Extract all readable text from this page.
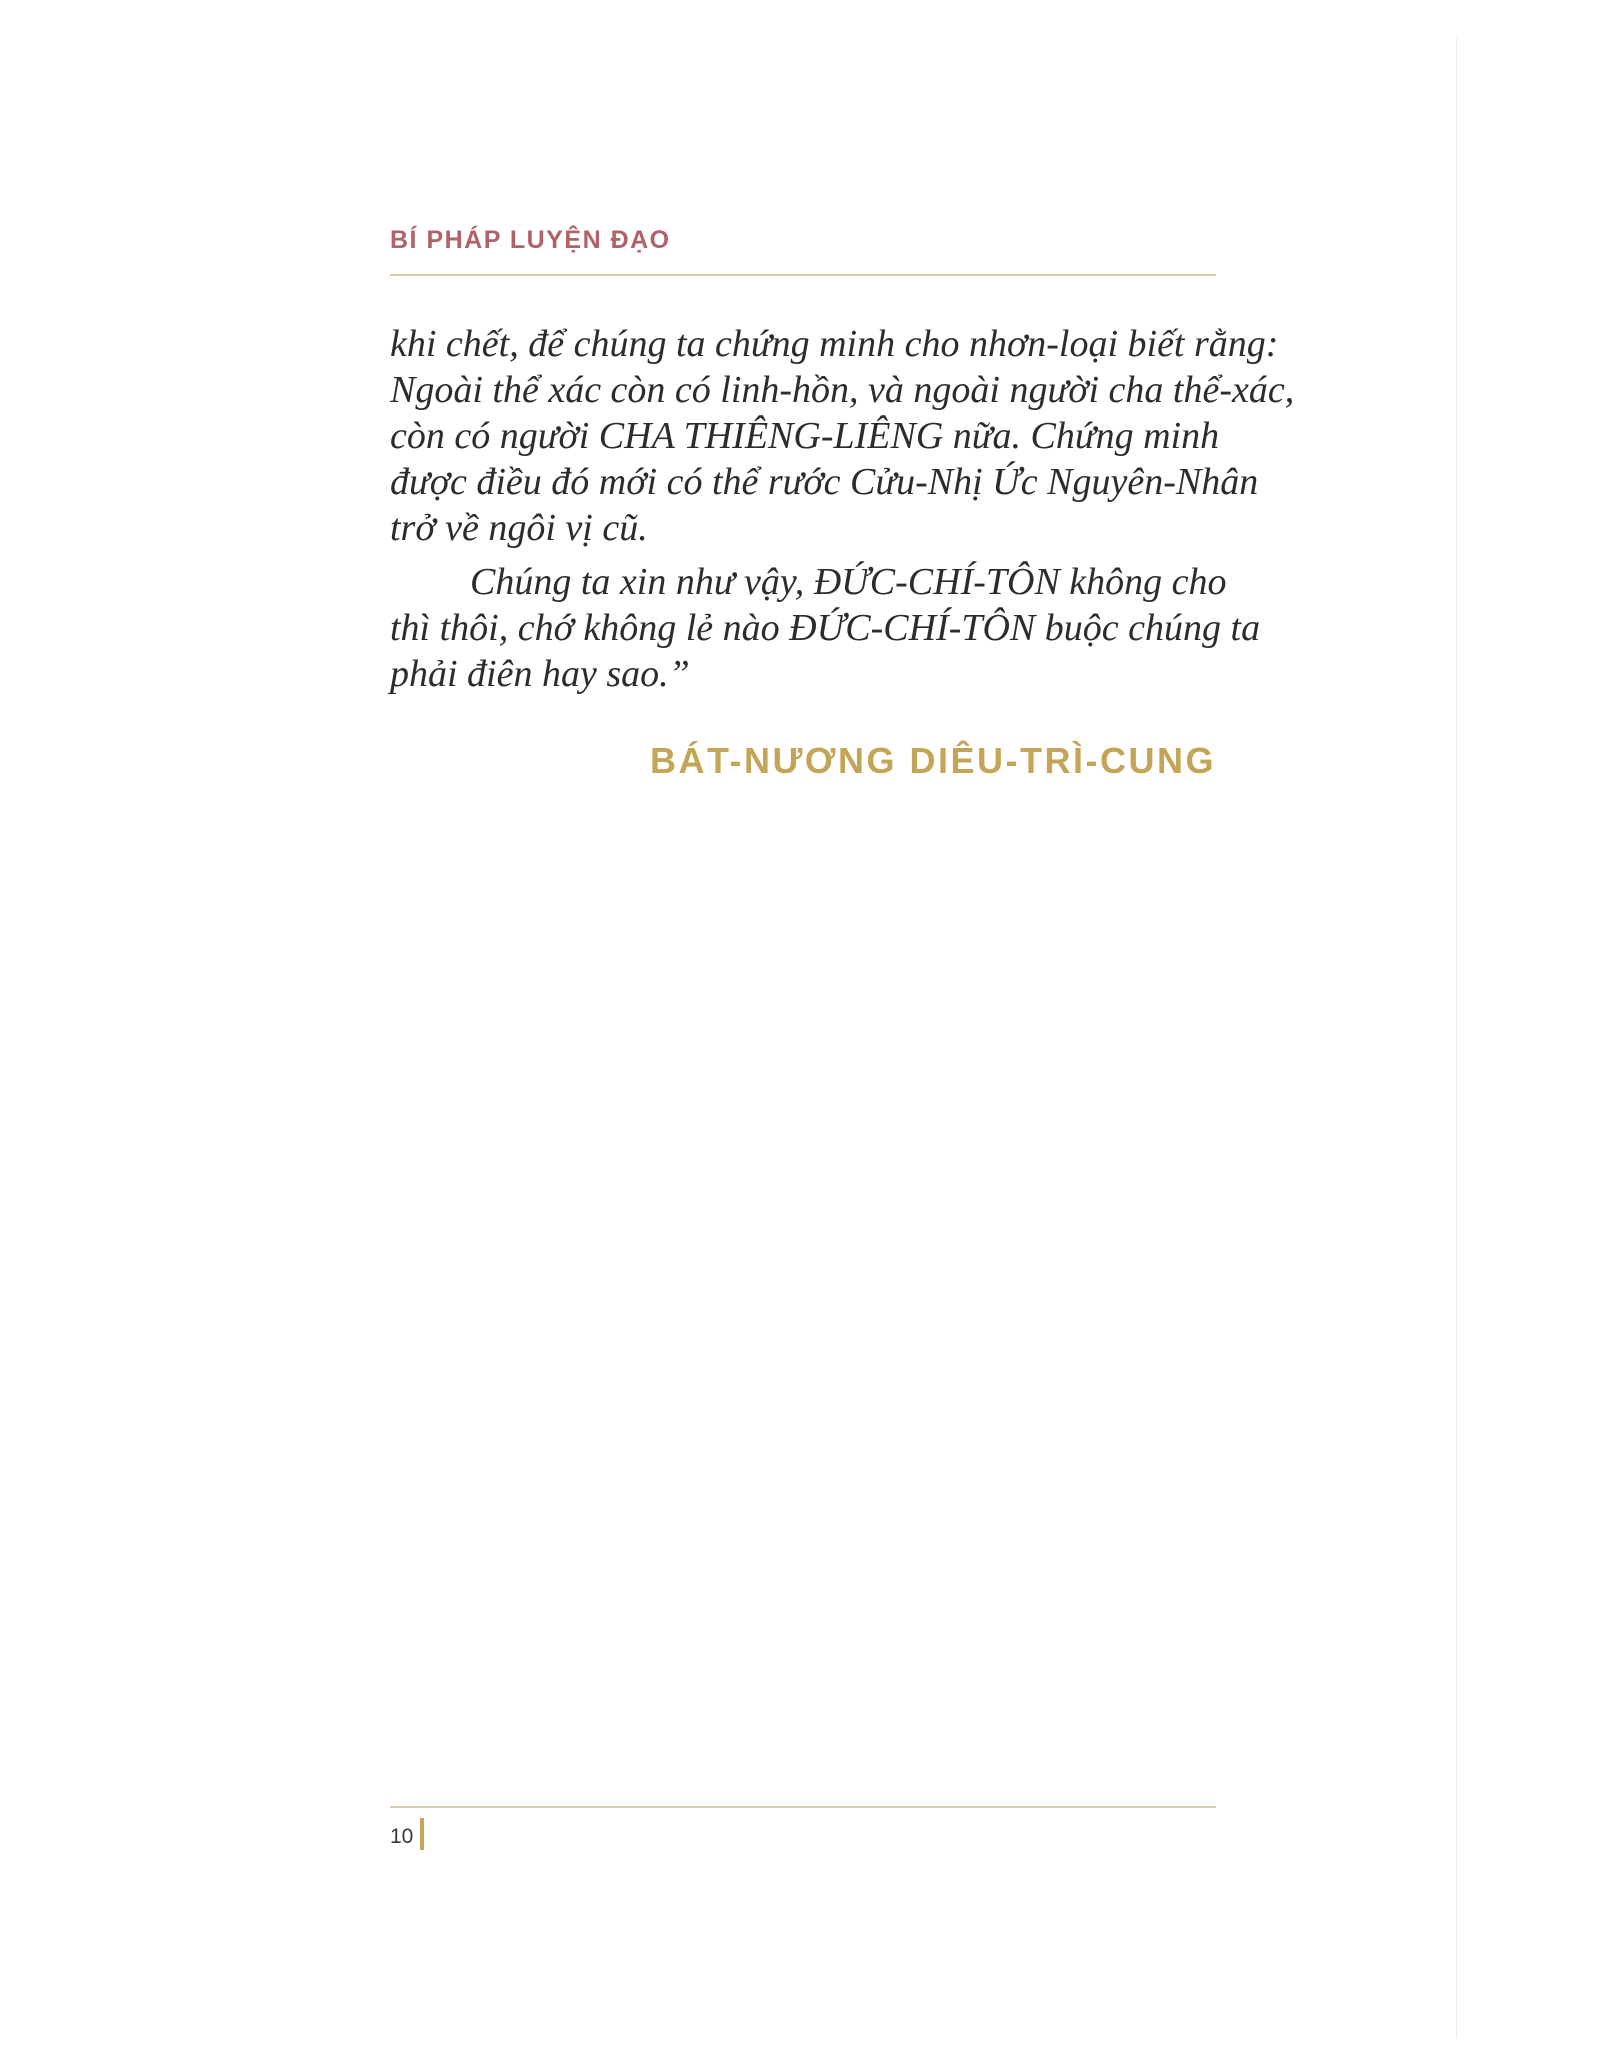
BÍ PHÁP LUYỆN ĐẠO
khi chết, để chúng ta chứng minh cho nhơn-loại biết rằng:
Ngoài thể xác còn có linh-hồn, và ngoài người cha thể-xác,
còn có người CHA THIÊNG-LIÊNG nữa. Chứng minh
được điều đó mới có thể rước Cửu-Nhị Ức Nguyên-Nhân
trở về ngôi vị cũ.
Chúng ta xin như vậy, ĐỨC-CHÍ-TÔN không cho
thì thôi, chớ không lẻ nào ĐỨC-CHÍ-TÔN buộc chúng ta
phải điên hay sao.”
BÁT-NƯƠNG DIÊU-TRÌ-CUNG
10
